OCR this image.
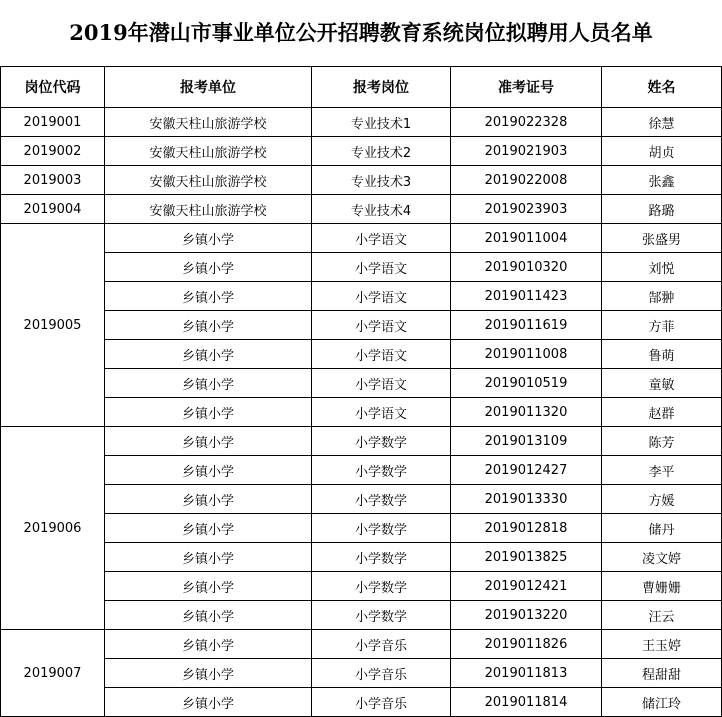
2019年潜山市事业单位公开招聘教育系统岗位拟聘用人员名单
岗位代码	报考单位	报考岗位	准考证号	姓名
2019001	安徽天柱山旅游学校	专业技术1	2019022328	徐慧
2019002	安徽天柱山旅游学校	专业技术2	2019021903	胡贞
2019003	安徽天柱山旅游学校	专业技术3	2019022008	张鑫
2019004	安徽天柱山旅游学校	专业技术4	2019023903	路璐
2019005	乡镇小学	小学语文	2019011004	张盛男
	乡镇小学	小学语文	2019010320	刘悦
	乡镇小学	小学语文	2019011423	郜翀
	乡镇小学	小学语文	2019011619	方菲
	乡镇小学	小学语文	2019011008	鲁萌
	乡镇小学	小学语文	2019010519	童敏
	乡镇小学	小学语文	2019011320	赵群
2019006	乡镇小学	小学数学	2019013109	陈芳
	乡镇小学	小学数学	2019012427	李平
	乡镇小学	小学数学	2019013330	方媛
	乡镇小学	小学数学	2019012818	储丹
	乡镇小学	小学数学	2019013825	凌文婷
	乡镇小学	小学数学	2019012421	曹姗姗
	乡镇小学	小学数学	2019013220	汪云
2019007	乡镇小学	小学音乐	2019011826	王玉婷
	乡镇小学	小学音乐	2019011813	程甜甜
	乡镇小学	小学音乐	2019011814	储江玲
